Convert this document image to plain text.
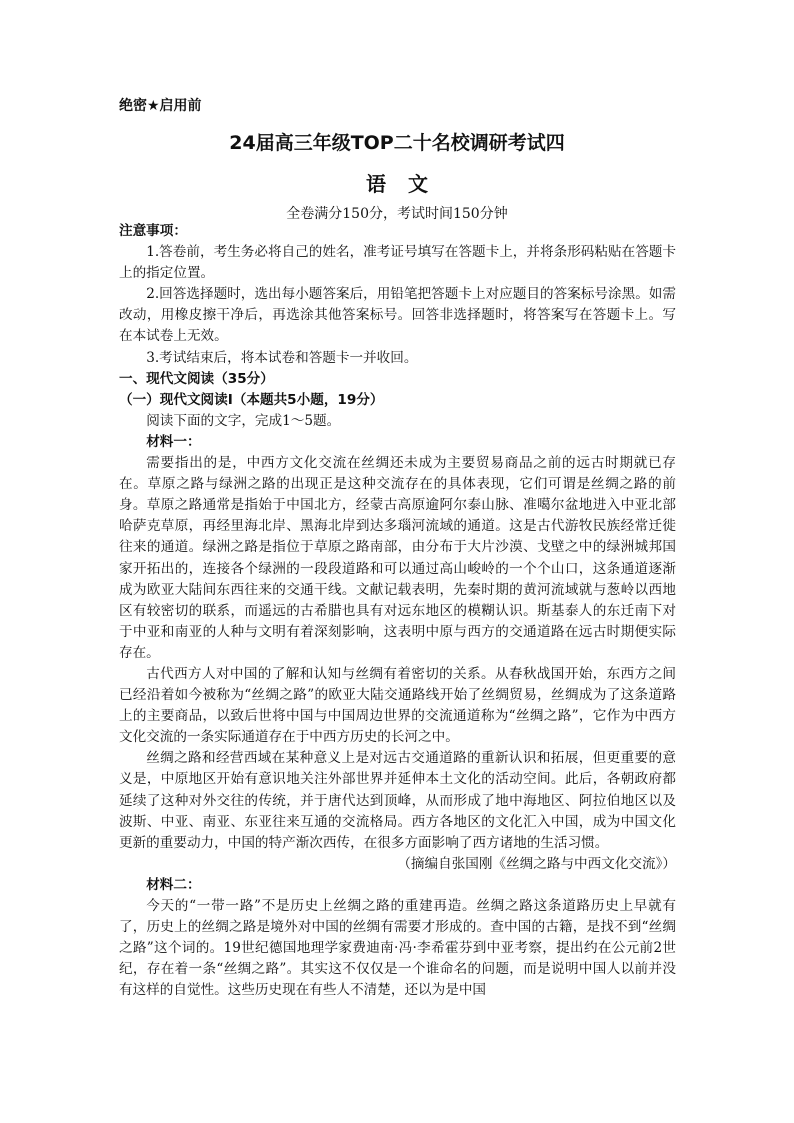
绝密★启用前
24届高三年级TOP二十名校调研考试四
语文
全卷满分150分，考试时间150分钟

注意事项：

1.答卷前，考生务必将自己的姓名，准考证号填写在答题卡上，并将条形码粘贴在答题卡上的指定位置。

2.回答选择题时，选出每小题答案后，用铅笔把答题卡上对应题目的答案标号涂黑。如需改动，用橡皮擦干净后，再选涂其他答案标号。回答非选择题时，将答案写在答题卡上。写在本试卷上无效。

3.考试结束后，将本试卷和答题卡一并收回。

一、现代文阅读（35分）

（一）现代文阅读Ⅰ（本题共5小题，19分）

阅读下面的文字，完成1～5题。

材料一：

需要指出的是，中西方文化交流在丝绸还未成为主要贸易商品之前的远古时期就已存在。草原之路与绿洲之路的出现正是这种交流存在的具体表现，它们可谓是丝绸之路的前身。草原之路通常是指始于中国北方，经蒙古高原逾阿尔泰山脉、准噶尔盆地进入中亚北部哈萨克草原，再经里海北岸、黑海北岸到达多瑙河流域的通道。这是古代游牧民族经常迁徙往来的通道。绿洲之路是指位于草原之路南部，由分布于大片沙漠、戈壁之中的绿洲城邦国家开拓出的，连接各个绿洲的一段段道路和可以通过高山峻岭的一个个山口，这条通道逐渐成为欧亚大陆间东西往来的交通干线。文献记载表明，先秦时期的黄河流域就与葱岭以西地区有较密切的联系，而遥远的古希腊也具有对远东地区的模糊认识。斯基泰人的东迁南下对于中亚和南亚的人种与文明有着深刻影响，这表明中原与西方的交通道路在远古时期便实际存在。

古代西方人对中国的了解和认知与丝绸有着密切的关系。从春秋战国开始，东西方之间已经沿着如今被称为“丝绸之路”的欧亚大陆交通路线开始了丝绸贸易，丝绸成为了这条道路上的主要商品，以致后世将中国与中国周边世界的交流通道称为“丝绸之路”，它作为中西方文化交流的一条实际通道存在于中西方历史的长河之中。

丝绸之路和经营西域在某种意义上是对远古交通道路的重新认识和拓展，但更重要的意义是，中原地区开始有意识地关注外部世界并延伸本土文化的活动空间。此后，各朝政府都延续了这种对外交往的传统，并于唐代达到顶峰，从而形成了地中海地区、阿拉伯地区以及波斯、中亚、南亚、东亚往来互通的交流格局。西方各地区的文化汇入中国，成为中国文化更新的重要动力，中国的特产渐次西传，在很多方面影响了西方诸地的生活习惯。

（摘编自张国刚《丝绸之路与中西文化交流》）

材料二：

今天的“一带一路”不是历史上丝绸之路的重建再造。丝绸之路这条道路历史上早就有了，历史上的丝绸之路是境外对中国的丝绸有需要才形成的。查中国的古籍，是找不到“丝绸之路”这个词的。19世纪德国地理学家费迪南·冯·李希霍芬到中亚考察，提出约在公元前2世纪，存在着一条“丝绸之路”。其实这不仅仅是一个谁命名的问题，而是说明中国人以前并没有这样的自觉性。这些历史现在有些人不清楚，还以为是中国
